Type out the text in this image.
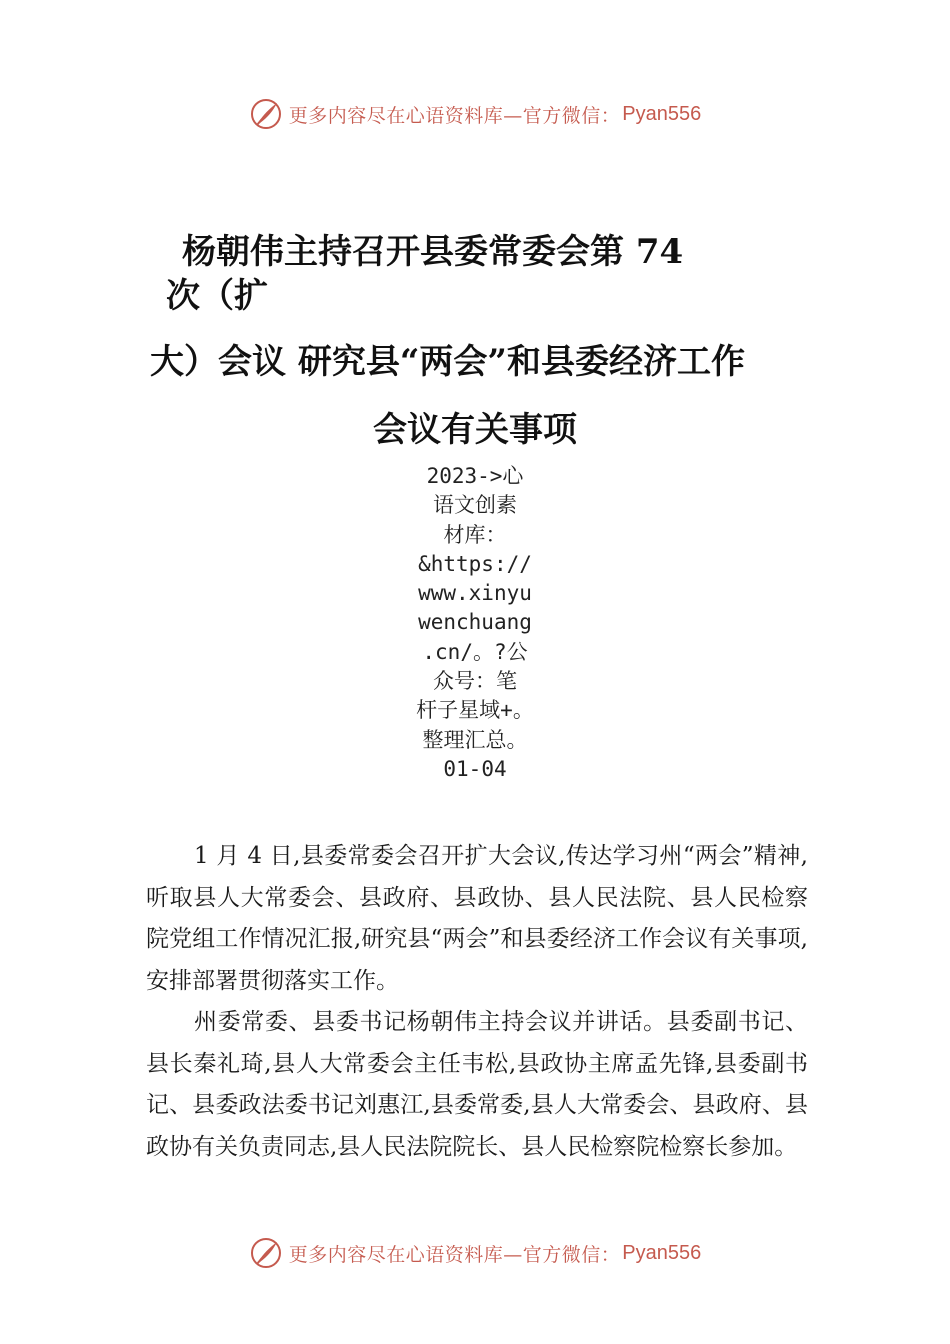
更多内容尽在心语资料库—官方微信： Pyan556
杨朝伟主持召开县委常委会第 74
次（扩
大）会议 研究县“两会”和县委经济工作
会议有关事项
2023->心
语文创素
材库：
&https://
www.xinyu
wenchuang
.cn/。?公
众号：笔
杆子星域+。
整理汇总。
01-04

1 月 4 日,县委常委会召开扩大会议,传达学习州“两会”精神,听取县人大常委会、县政府、县政协、县人民法院、县人民检察院党组工作情况汇报,研究县“两会”和县委经济工作会议有关事项,安排部署贯彻落实工作。

州委常委、县委书记杨朝伟主持会议并讲话。县委副书记、县长秦礼琦,县人大常委会主任韦松,县政协主席孟先锋,县委副书记、县委政法委书记刘惠江,县委常委,县人大常委会、县政府、县政协有关负责同志,县人民法院院长、县人民检察院检察长参加。

更多内容尽在心语资料库—官方微信： Pyan556
